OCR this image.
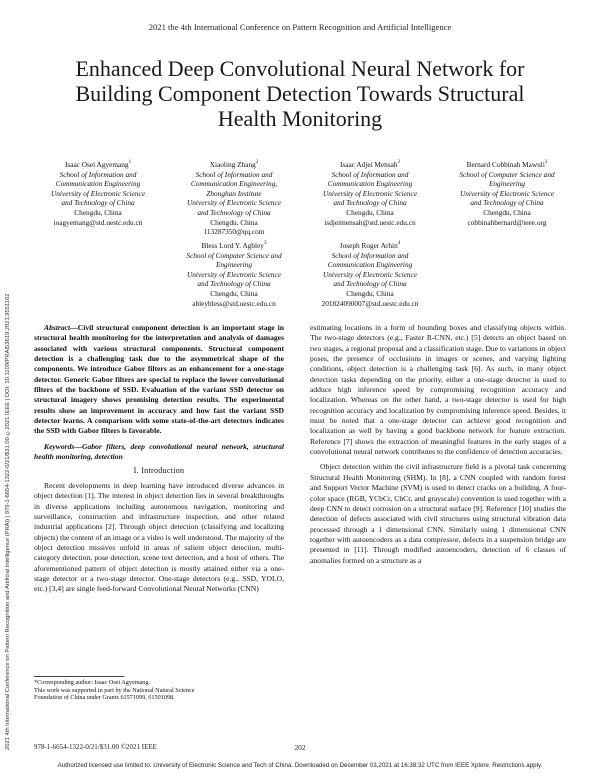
2021 the 4th International Conference on Pattern Recognition and Artificial Intelligence
2021 4th International Conference on Pattern Recognition and Artificial Intelligence (PRAI) | 978-1-6654-1322-0/21/$31.00 ©2021 IEEE | DOI: 10.1109/PRAI53619.2021.9551102
Enhanced Deep Convolutional Neural Network for
Building Component Detection Towards Structural
Health Monitoring
Isaac Osei Agyemang$^1$
School of Information and
Communication Engineering
University of Electronic Science
and Technology of China
Chengdu, China
ioagyemang@std.uestc.edu.cn
Xiaoling Zhang$^2$
School of Information and
Communication Engineering,
Zhonghan Institute
University of Electronic Science
and Technology of China
Chengdu, China
113287350@qq.com
Isaac Adjei Mensah$^3$
School of Information and
Communication Engineering
University of Electronic Science
and Technology of China
Chengdu, China
isdjeimensah@std.uestc.edu.cn
Bernard Cobbinah Mawuli$^3$
School of Computer Science and
Engineering
University of Electronic Science
and Technology of China
Chengdu, China
cobbinahbernard@ieee.org
Bless Lord Y. Agbley$^3$
School of Computer Science and
Engineering
University of Electronic Science
and Technology of China
Chengdu, China
ableybless@std.uestc.edu.cn
Joseph Roger Arhin$^4$
School of Information and
Communication Engineering
University of Electronic Science
and Technology of China
Chengdu, China
201824090007@std.uestc.edu.cn

Abstract—Civil structural component detection is an important stage in structural health monitoring for the interpretation and analysis of damages associated with various structural components. Structural component detection is a challenging task due to the asymmetrical shape of the components. We introduce Gabor filters as an enhancement for a one-stage detector. Generic Gabor filters are special to replace the lower convolutional filters of the backbone of SSD. Evaluation of the variant SSD detector on structural imagery shows promising detection results. The experimental results show an improvement in accuracy and how fast the variant SSD detector learns. A comparison with some state-of-the-art detectors indicates the SSD with Gabor filters is favorable.

Keywords—Gabor filters, deep convolutional neural network, structural health monitoring, detection

I. Introduction

Recent developments in deep learning have introduced diverse advances in object detection [1]. The interest in object detection lies in several breakthroughs in diverse applications including autonomous navigation, monitoring and surveillance, construction and infrastructure inspection, and other related industrial applications [2]. Through object detection (classifying and localizing objects) the content of an image or a video is well understood. The majority of the object detection missives unfold in areas of salient object detection, multi-category detection, pose detection, scene text detection, and a host of others. The aforementioned pattern of object detection is mostly attained either via a one-stage detector or a two-stage detector. One-stage detectors (e.g., SSD, YOLO, etc.) [3,4] are single feed-forward Convolutional Neural Networks (CNN)

*Corresponding author: Isaac Osei Agyemang.
This work was supported in part by the National Natural Science
Foundation of China under Grants 61571099, 61501098.

estimating locations in a form of bounding boxes and classifying objects within. The two-stage detectors (e.g., Faster R-CNN, etc.) [5] detects an object based on two stages, a regional proposal and a classification stage. Due to variations in object poses, the presence of occlusions in images or scenes, and varying lighting conditions, object detection is a challenging task [6]. As such, in many object detection tasks depending on the priority, either a one-stage detector is used to adduce high inference speed by compromising recognition accuracy and localization. Whereas on the other hand, a two-stage detector is used for high recognition accuracy and localization by compromising inference speed. Besides, it must be noted that a one-stage detector can achieve good recognition and localization as well by having a good backbone network for feature extraction. Reference [7] shows the extraction of meaningful features in the early stages of a convolutional neural network contributes to the confidence of detection accuracies.

Object detection within the civil infrastructure field is a pivotal task concerning Structural Health Monitoring (SHM). In [8], a CNN coupled with random forest and Support Vector Machine (SVM) is used to detect cracks on a building. A four-color space (RGB, YCbCr, CbCr, and grayscale) convention is used together with a deep CNN to detect corrosion on a structural surface [9]. Reference [10] studies the detection of defects associated with civil structures using structural vibration data processed through a 1 dimensional CNN. Similarly using 1 dimensional CNN together with autoencoders as a data compressor, defects in a suspension bridge are presented in [11]. Through modified autoencoders, detection of 6 classes of anomalies formed on a structure as a

978-1-6654-1322-0/21/$31.00 ©2021 IEEE	202
Authorized licensed use limited to: University of Electronic Science and Tech of China. Downloaded on December 03,2021 at 16:38:32 UTC from IEEE Xplore. Restrictions apply.
